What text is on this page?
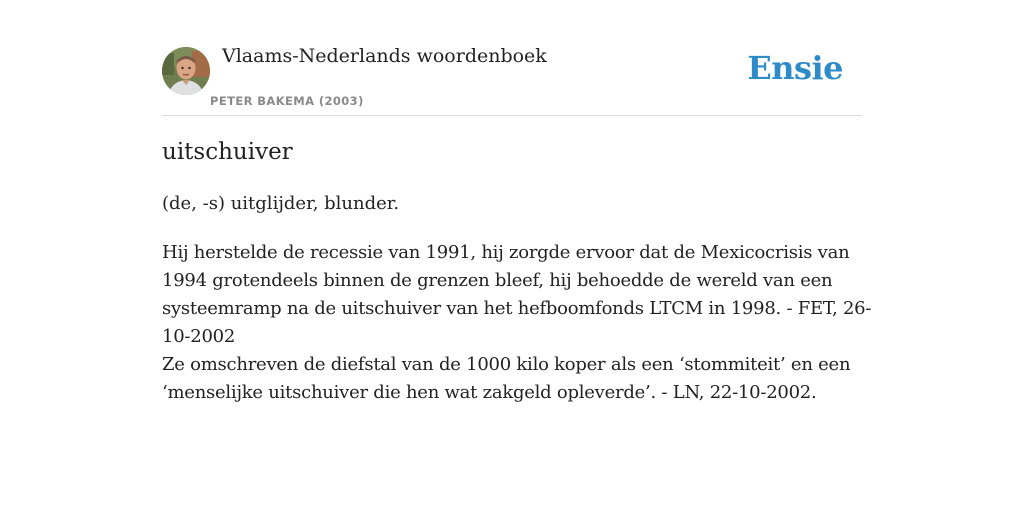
Vlaams-Nederlands woordenboek
PETER BAKEMA (2003)
Ensie
uitschuiver
(de, -s) uitglijder, blunder.

Hij herstelde de recessie van 1991, hij zorgde ervoor dat de Mexicocrisis van 1994 grotendeels binnen de grenzen bleef, hij behoedde de wereld van een systeemramp na de uitschuiver van het hefboomfonds LTCM in 1998. - FET, 26-10-2002

Ze omschreven de diefstal van de 1000 kilo koper als een ‘stommiteit’ en een ‘menselijke uitschuiver die hen wat zakgeld opleverde’. - LN, 22-10-2002.
